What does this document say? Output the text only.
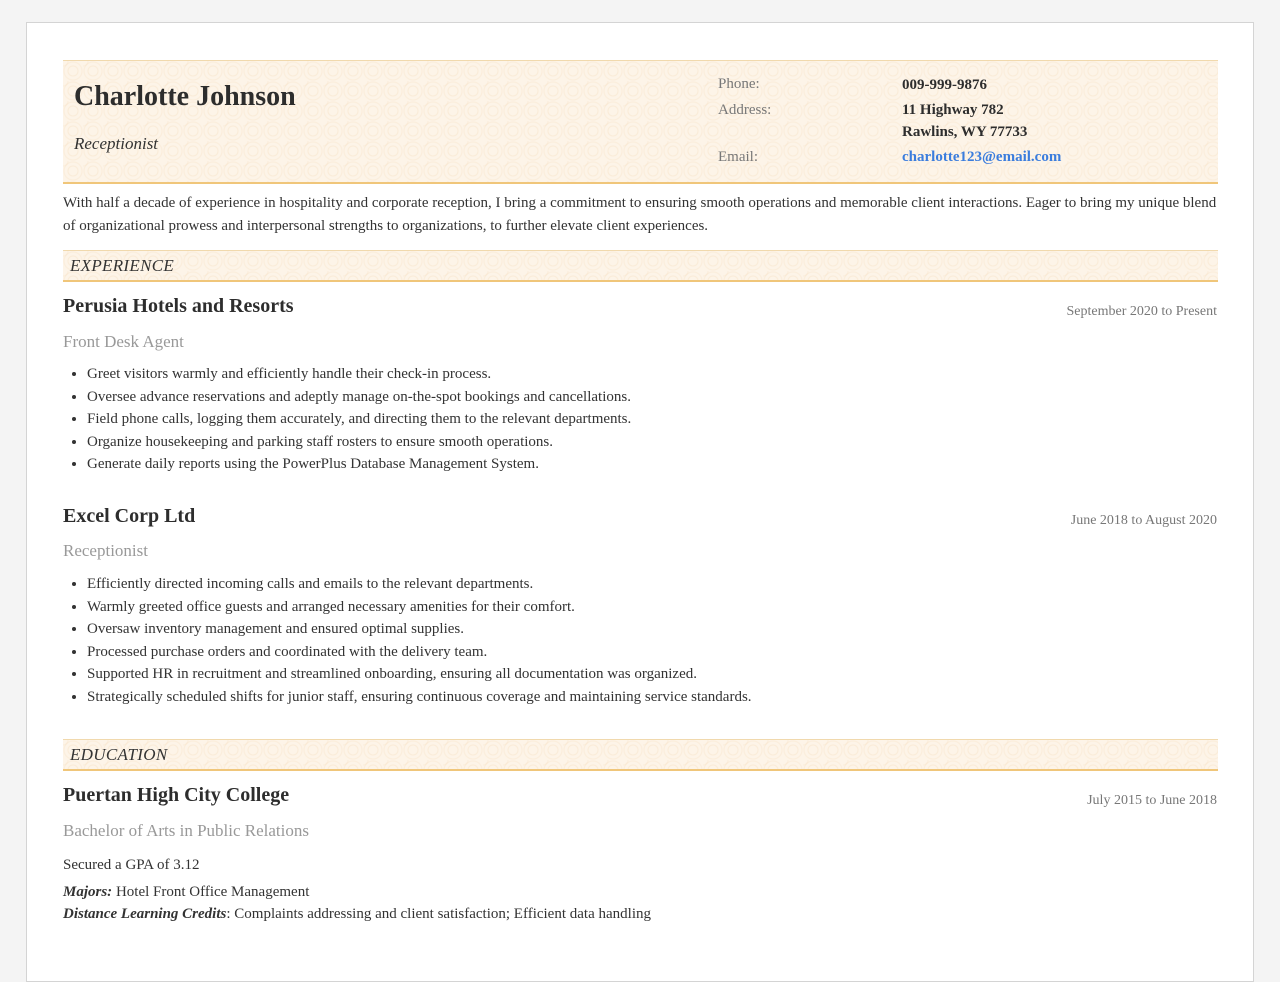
Charlotte Johnson
Receptionist
Phone:	009-999-9876
Address:	11 Highway 782
Rawlins, WY 77733
Email:	charlotte123@email.com

With half a decade of experience in hospitality and corporate reception, I bring a commitment to ensuring smooth operations and memorable client interactions. Eager to bring my unique blend of organizational prowess and interpersonal strengths to organizations, to further elevate client experiences.

EXPERIENCE
Perusia Hotels and Resorts	September 2020 to Present
Front Desk Agent
• Greet visitors warmly and efficiently handle their check-in process.
• Oversee advance reservations and adeptly manage on-the-spot bookings and cancellations.
• Field phone calls, logging them accurately, and directing them to the relevant departments.
• Organize housekeeping and parking staff rosters to ensure smooth operations.
• Generate daily reports using the PowerPlus Database Management System.
Excel Corp Ltd	June 2018 to August 2020
Receptionist
• Efficiently directed incoming calls and emails to the relevant departments.
• Warmly greeted office guests and arranged necessary amenities for their comfort.
• Oversaw inventory management and ensured optimal supplies.
• Processed purchase orders and coordinated with the delivery team.
• Supported HR in recruitment and streamlined onboarding, ensuring all documentation was organized.
• Strategically scheduled shifts for junior staff, ensuring continuous coverage and maintaining service standards.
EDUCATION
Puertan High City College	July 2015 to June 2018
Bachelor of Arts in Public Relations
Secured a GPA of 3.12
Majors: Hotel Front Office Management
Distance Learning Credits: Complaints addressing and client satisfaction; Efficient data handling
